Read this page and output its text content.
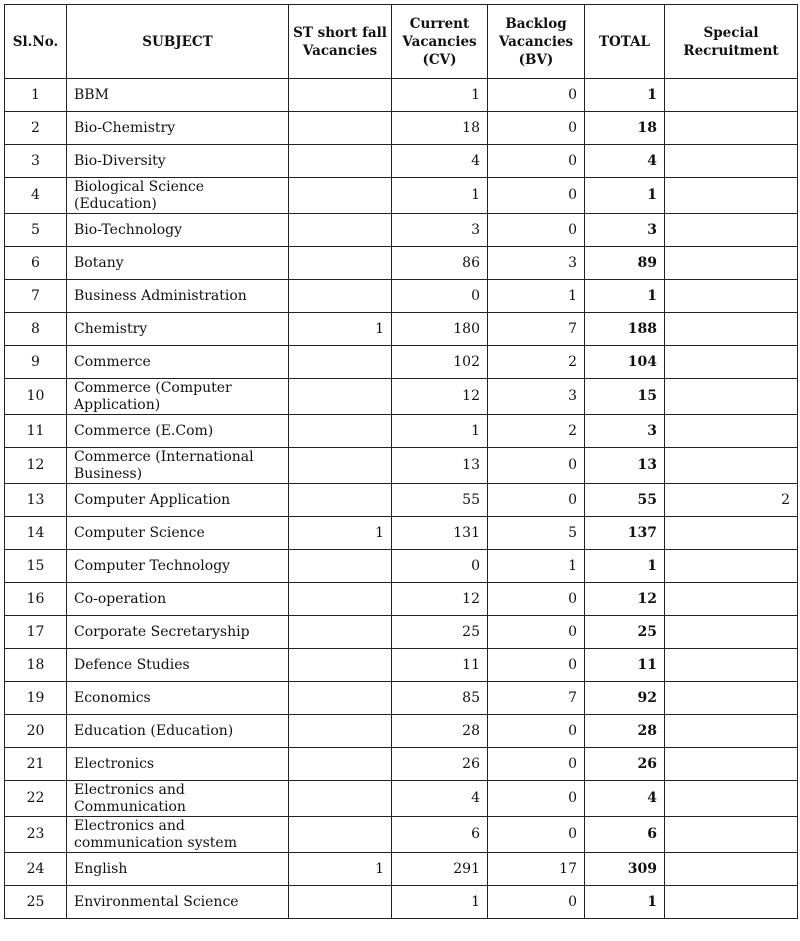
Sl.No.	SUBJECT	ST short fall Vacancies	Current Vacancies (CV)	Backlog Vacancies (BV)	TOTAL	Special Recruitment
1	BBM		1	0	1	
2	Bio-Chemistry		18	0	18	
3	Bio-Diversity		4	0	4	
4	Biological Science (Education)		1	0	1	
5	Bio-Technology		3	0	3	
6	Botany		86	3	89	
7	Business Administration		0	1	1	
8	Chemistry	1	180	7	188	
9	Commerce		102	2	104	
10	Commerce (Computer Application)		12	3	15	
11	Commerce (E.Com)		1	2	3	
12	Commerce (International Business)		13	0	13	
13	Computer Application		55	0	55	2
14	Computer Science	1	131	5	137	
15	Computer Technology		0	1	1	
16	Co-operation		12	0	12	
17	Corporate Secretaryship		25	0	25	
18	Defence Studies		11	0	11	
19	Economics		85	7	92	
20	Education (Education)		28	0	28	
21	Electronics		26	0	26	
22	Electronics and Communication		4	0	4	
23	Electronics and communication system		6	0	6	
24	English	1	291	17	309	
25	Environmental Science		1	0	1	
